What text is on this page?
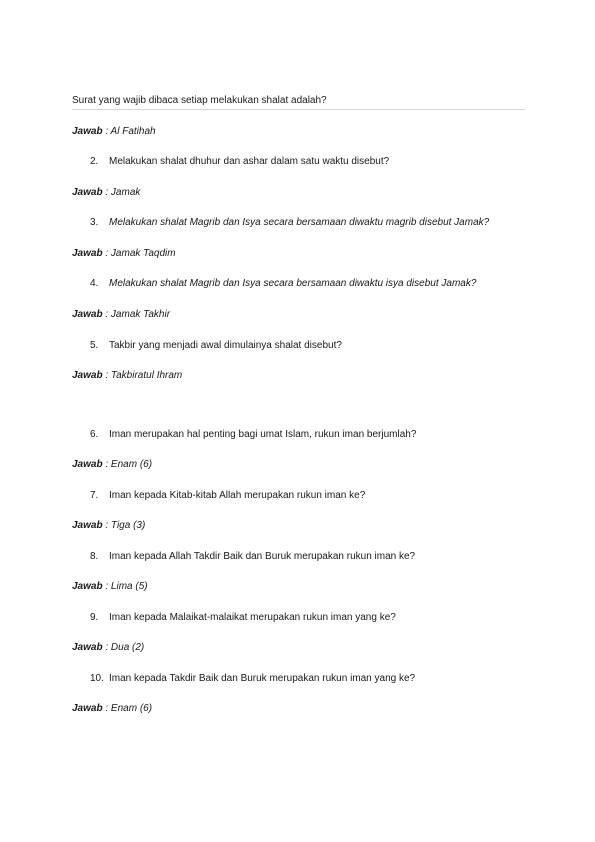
Surat yang wajib dibaca setiap melakukan shalat adalah?
Jawab : Al Fatihah
2. Melakukan shalat dhuhur dan ashar dalam satu waktu disebut?
Jawab : Jamak
3. Melakukan shalat Magrib dan Isya secara bersamaan diwaktu magrib disebut Jamak?
Jawab : Jamak Taqdim
4. Melakukan shalat Magrib dan Isya secara bersamaan diwaktu isya disebut Jamak?
Jawab : Jamak Takhir
5. Takbir yang menjadi awal dimulainya shalat disebut?
Jawab : Takbiratul Ihram
6. Iman merupakan hal penting bagi umat Islam, rukun iman berjumlah?
Jawab : Enam (6)
7. Iman kepada Kitab-kitab Allah merupakan rukun iman ke?
Jawab : Tiga (3)
8. Iman kepada Allah Takdir Baik dan Buruk merupakan rukun iman ke?
Jawab : Lima (5)
9. Iman kepada Malaikat-malaikat merupakan rukun iman yang ke?
Jawab : Dua (2)
10. Iman kepada Takdir Baik dan Buruk merupakan rukun iman yang ke?
Jawab : Enam (6)
